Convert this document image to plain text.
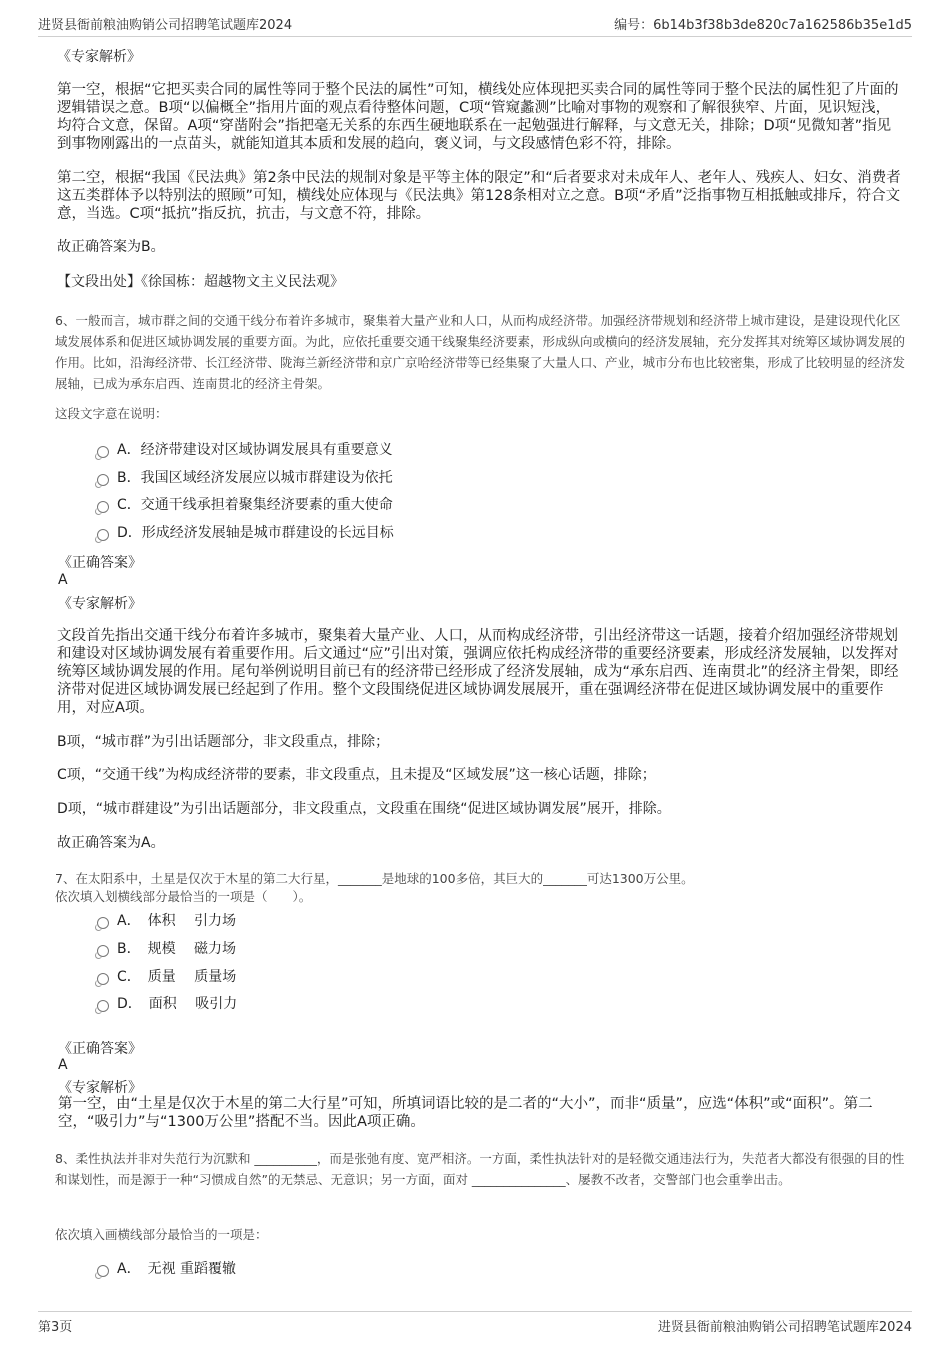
进贤县衙前粮油购销公司招聘笔试题库2024	编号：6b14b3f38b3de820c7a162586b35e1d5
《专家解析》

第一空，根据“它把买卖合同的属性等同于整个民法的属性”可知，横线处应体现把买卖合同的属性等同于整个民法的属性犯了片面的逻辑错误之意。B项“以偏概全”指用片面的观点看待整体问题，C项“管窥蠡测”比喻对事物的观察和了解很狭窄、片面，见识短浅，均符合文意，保留。A项“穿凿附会”指把毫无关系的东西生硬地联系在一起勉强进行解释，与文意无关，排除；D项“见微知著”指见到事物刚露出的一点苗头，就能知道其本质和发展的趋向，褒义词，与文段感情色彩不符，排除。

第二空，根据“我国《民法典》第2条中民法的规制对象是平等主体的限定”和“后者要求对未成年人、老年人、残疾人、妇女、消费者这五类群体予以特别法的照顾”可知，横线处应体现与《民法典》第128条相对立之意。B项“矛盾”泛指事物互相抵触或排斥，符合文意，当选。C项“抵抗”指反抗，抗击，与文意不符，排除。

故正确答案为B。
【文段出处】《徐国栋：超越物文主义民法观》

6、一般而言，城市群之间的交通干线分布着许多城市，聚集着大量产业和人口，从而构成经济带。加强经济带规划和经济带上城市建设，是建设现代化区域发展体系和促进区域协调发展的重要方面。为此，应依托重要交通干线聚集经济要素，形成纵向或横向的经济发展轴，充分发挥其对统筹区域协调发展的作用。比如，沿海经济带、长江经济带、陇海兰新经济带和京广京哈经济带等已经集聚了大量人口、产业，城市分布也比较密集，形成了比较明显的经济发展轴，已成为承东启西、连南贯北的经济主骨架。

这段文字意在说明：
A．经济带建设对区域协调发展具有重要意义
B．我国区域经济发展应以城市群建设为依托
C．交通干线承担着聚集经济要素的重大使命
D．形成经济发展轴是城市群建设的长远目标
《正确答案》
A
《专家解析》

文段首先指出交通干线分布着许多城市，聚集着大量产业、人口，从而构成经济带，引出经济带这一话题，接着介绍加强经济带规划和建设对区域协调发展有着重要作用。后文通过“应”引出对策，强调应依托构成经济带的重要经济要素，形成经济发展轴，以发挥对统筹区域协调发展的作用。尾句举例说明目前已有的经济带已经形成了经济发展轴，成为“承东启西、连南贯北”的经济主骨架，即经济带对促进区域协调发展已经起到了作用。整个文段围绕促进区域协调发展展开，重在强调经济带在促进区域协调发展中的重要作用，对应A项。

B项，“城市群”为引出话题部分，非文段重点，排除；
C项，“交通干线”为构成经济带的要素，非文段重点，且未提及“区域发展”这一核心话题，排除；
D项，“城市群建设”为引出话题部分，非文段重点，文段重在围绕“促进区域协调发展”展开，排除。
故正确答案为A。
7、在太阳系中，土星是仅次于木星的第二大行星，_______是地球的100多倍，其巨大的_______可达1300万公里。
依次填入划横线部分最恰当的一项是（　　）。
A．　体积　 引力场
B．　规模　 磁力场
C．　质量　 质量场
D．　面积　 吸引力
《正确答案》
A
《专家解析》

第一空，由“土星是仅次于木星的第二大行星”可知，所填词语比较的是二者的“大小”，而非“质量”，应选“体积”或“面积”。第二空，“吸引力”与“1300万公里”搭配不当。因此A项正确。

8、柔性执法并非对失范行为沉默和 __________，而是张弛有度、宽严相济。一方面，柔性执法针对的是轻微交通违法行为，失范者大都没有很强的目的性和谋划性，而是源于一种“习惯成自然”的无禁忌、无意识；另一方面，面对 _______________、屡教不改者，交警部门也会重拳出击。

依次填入画横线部分最恰当的一项是：
A．　无视 重蹈覆辙
第3页	进贤县衙前粮油购销公司招聘笔试题库2024
